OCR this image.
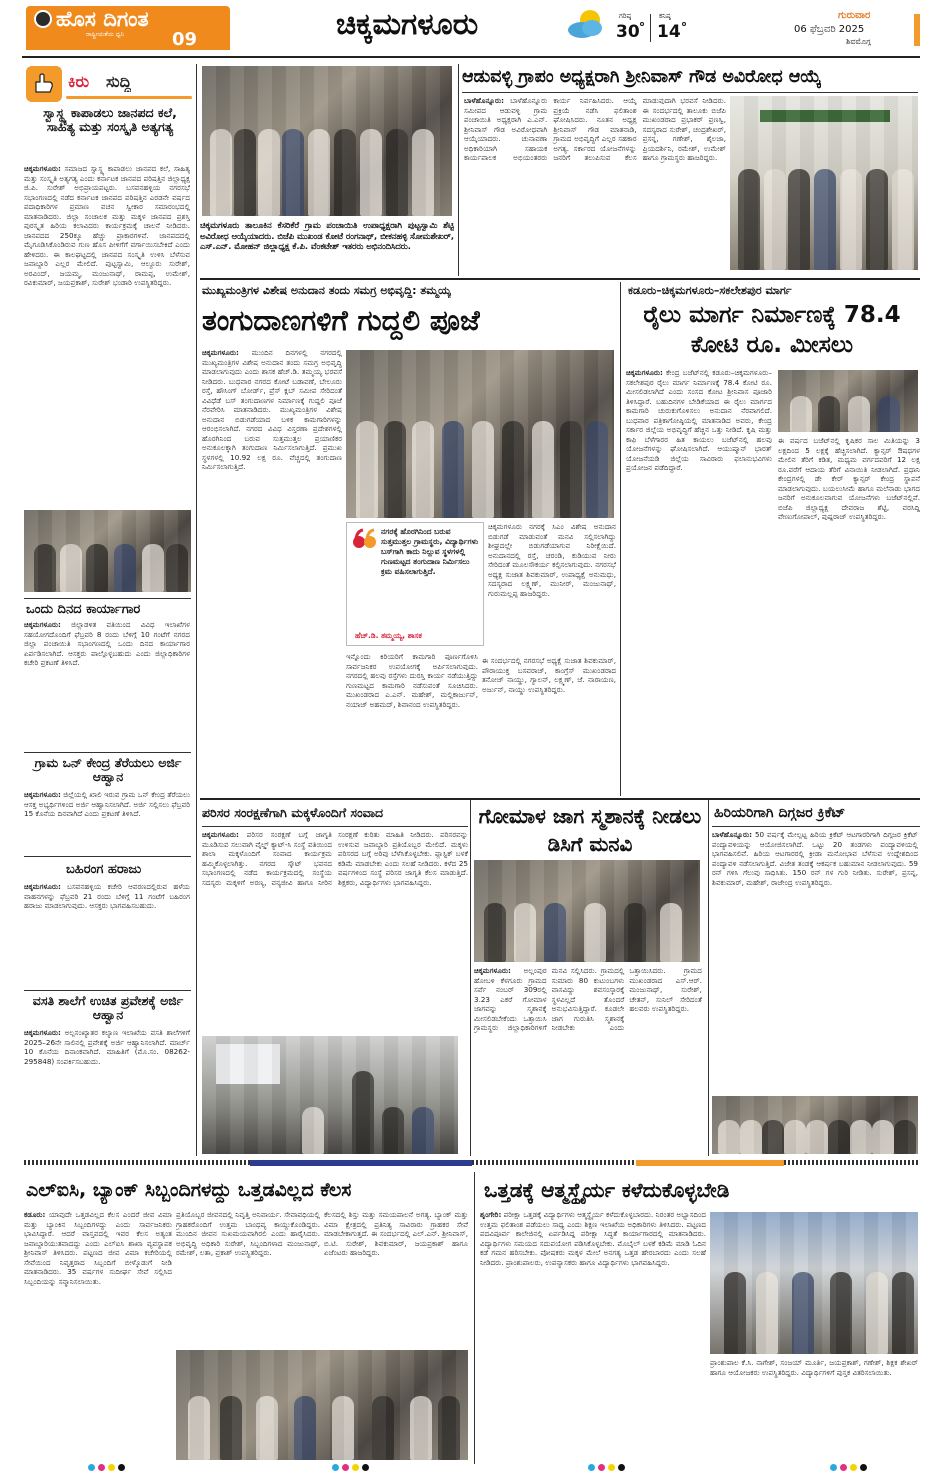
ಹೊಸ ದಿಗಂತ
ರಾಷ್ಟ್ರೀಯತೆಯ ಧ್ವನಿ	09	ಚಿಕ್ಕಮಗಳೂರು	ಗರಿಷ್ಠ
30
ಕನಿಷ್ಠ
14
ಗುರುವಾರ
06 ಫೆಬ್ರವರಿ 2025
ಶಿವಮೊಗ್ಗ
ಕಿರು ಸುದ್ದಿ
ಸ್ವಾಸ್ಥ್ಯ ಕಾಪಾಡಲು ಜಾನಪದ ಕಲೆ, ಸಾಹಿತ್ಯ ಮತ್ತು ಸಂಸ್ಕೃತಿ ಅತ್ಯಗತ್ಯ
ಚಿಕ್ಕಮಗಳೂರು: ಸಮಾಜದ ಸ್ವಾಸ್ಥ್ಯ ಕಾಪಾಡಲು ಜಾನಪದ ಕಲೆ, ಸಾಹಿತ್ಯ ಮತ್ತು ಸಂಸ್ಕೃತಿ ಅತ್ಯಗತ್ಯ ಎಂದು ಕರ್ನಾಟಕ ಜಾನಪದ ಪರಿಷತ್ತಿನ ಜಿಲ್ಲಾಧ್ಯಕ್ಷ ಜಿ.ಪಿ. ಸುರೇಶ್ ಅಭಿಪ್ರಾಯಪಟ್ಟರು. ಬಸವನಹಳ್ಳಿಯ ನಗರಸಭೆ ಸಭಾಂಗಣದಲ್ಲಿ ನಡೆದ ಕರ್ನಾಟಕ ಜಾನಪದ ಪರಿಷತ್ತಿನ ಎರಡನೇ ವರ್ಷದ ಪದಾಧಿಕಾರಿಗಳ ಪ್ರಮಾಣ ವಚನ ಸ್ವೀಕಾರ ಸಮಾರಂಭದಲ್ಲಿ ಮಾತನಾಡಿದರು. ಜಿಲ್ಲಾ ಸಂಚಾಲಕ ಮತ್ತು ಮಕ್ಕಳ ಜಾನಪದ ಪ್ರಶಸ್ತಿ ಪುರಸ್ಕೃತ ಹಿರಿಯ ಕಲಾವಿದರು ಕಾರ್ಯಕ್ರಮಕ್ಕೆ ಚಾಲನೆ ನೀಡಿದರು. ಜಾನಪದದ 250ಕ್ಕೂ ಹೆಚ್ಚು ಪ್ರಾಕಾರಗಳಿವೆ. ಜಾನಪದದಲ್ಲಿ ಮೈಗೂಡಿಸಿಕೊಂಡಿರುವ ಗುಣ ಹೊಸ ಪೀಳಿಗೆಗೆ ವರ್ಗಾಯಿಸಬೇಕಿದೆ ಎಂದು ಹೇಳಿದರು. ಈ ಕಾಲಘಟ್ಟದಲ್ಲಿ ಜಾನಪದ ಸಂಸ್ಕೃತಿ ಉಳಿಸಿ ಬೆಳೆಸುವ ಜವಾಬ್ದಾರಿ ಎಲ್ಲರ ಮೇಲಿದೆ. ಪುಟ್ಟಸ್ವಾಮಿ, ಆಲ್ದೂರು ಸುರೇಶ್, ಅರವಿಂದ್, ಜಯಮ್ಮ, ಮಂಜುನಾಥ್, ರಾಮಪ್ಪ, ಉಮೇಶ್, ರವಿಕುಮಾರ್, ಜಯಪ್ರಕಾಶ್, ಸುರೇಶ್ ಭಂಡಾರಿ ಉಪಸ್ಥಿತರಿದ್ದರು.
ಒಂದು ದಿನದ ಕಾರ್ಯಾಗಾರ
ಚಿಕ್ಕಮಗಳೂರು: ಜಿಲ್ಲಾಡಳಿತ ವತಿಯಿಂದ ವಿವಿಧ ಇಲಾಖೆಗಳ ಸಹಯೋಗದೊಂದಿಗೆ ಫೆಬ್ರವರಿ 8 ರಂದು ಬೆಳಿಗ್ಗೆ 10 ಗಂಟೆಗೆ ನಗರದ ಜಿಲ್ಲಾ ಪಂಚಾಯಿತಿ ಸಭಾಂಗಣದಲ್ಲಿ ಒಂದು ದಿನದ ಕಾರ್ಯಾಗಾರ ಏರ್ಪಡಿಸಲಾಗಿದೆ. ಆಸಕ್ತರು ಪಾಲ್ಗೊಳ್ಳಬಹುದು ಎಂದು ಜಿಲ್ಲಾಧಿಕಾರಿಗಳ ಕಚೇರಿ ಪ್ರಕಟಣೆ ತಿಳಿಸಿದೆ.
ಗ್ರಾಮ ಒನ್ ಕೇಂದ್ರ ತೆರೆಯಲು ಅರ್ಜಿ ಆಹ್ವಾನ
ಚಿಕ್ಕಮಗಳೂರು: ಜಿಲ್ಲೆಯಲ್ಲಿ ಖಾಲಿ ಇರುವ ಗ್ರಾಮ ಒನ್ ಕೇಂದ್ರ ತೆರೆಯಲು ಆಸಕ್ತ ಅಭ್ಯರ್ಥಿಗಳಿಂದ ಅರ್ಜಿ ಆಹ್ವಾನಿಸಲಾಗಿದೆ. ಅರ್ಜಿ ಸಲ್ಲಿಸಲು ಫೆಬ್ರವರಿ 15 ಕೊನೆಯ ದಿನವಾಗಿದೆ ಎಂದು ಪ್ರಕಟಣೆ ತಿಳಿಸಿದೆ.
ಬಹಿರಂಗ ಹರಾಜು
ಚಿಕ್ಕಮಗಳೂರು: ಬಸವನಹಳ್ಳಿಯ ಕಚೇರಿ ಆವರಣದಲ್ಲಿರುವ ಹಳೆಯ ವಾಹನಗಳನ್ನು ಫೆಬ್ರವರಿ 21 ರಂದು ಬೆಳಿಗ್ಗೆ 11 ಗಂಟೆಗೆ ಬಹಿರಂಗ ಹರಾಜು ಮಾಡಲಾಗುವುದು. ಆಸಕ್ತರು ಭಾಗವಹಿಸಬಹುದು.
ವಸತಿ ಶಾಲೆಗೆ ಉಚಿತ ಪ್ರವೇಶಕ್ಕೆ ಅರ್ಜಿ ಆಹ್ವಾನ
ಚಿಕ್ಕಮಗಳೂರು: ಅಲ್ಪಸಂಖ್ಯಾತರ ಕಲ್ಯಾಣ ಇಲಾಖೆಯ ವಸತಿ ಶಾಲೆಗಳಿಗೆ 2025–26ನೇ ಸಾಲಿನಲ್ಲಿ ಪ್ರವೇಶಕ್ಕೆ ಅರ್ಜಿ ಆಹ್ವಾನಿಸಲಾಗಿದೆ. ಮಾರ್ಚ್ 10 ಕೊನೆಯ ದಿನಾಂಕವಾಗಿದೆ. ಮಾಹಿತಿಗೆ (ಮೊ.ಸಂ. 08262-295848) ಸಂಪರ್ಕಿಸಬಹುದು.
ಚಿಕ್ಕಮಗಳೂರು ತಾಲೂಕಿನ ಕೆಸರಿಕೆರೆ ಗ್ರಾಮ ಪಂಚಾಯಿತಿ ಉಪಾಧ್ಯಕ್ಷರಾಗಿ ಪುಟ್ಟಸ್ವಾಮಿ ಶೆಟ್ಟಿ ಅವಿರೋಧ ಆಯ್ಕೆಯಾದರು. ಬಿಜೆಪಿ ಮುಖಂಡ ಕೋಟೆ ರಂಗನಾಥ್, ಬೀಕನಹಳ್ಳಿ ಸೋಮಶೇಖರ್, ಎಸ್.ಎನ್. ಮೋಹನ್ ಜಿಲ್ಲಾಧ್ಯಕ್ಷ ಕೆ.ಪಿ. ವೆಂಕಟೇಶ್ ಇತರರು ಅಭಿನಂದಿಸಿದರು.
ಆಡುವಳ್ಳಿ ಗ್ರಾಪಂ ಅಧ್ಯಕ್ಷರಾಗಿ ಶ್ರೀನಿವಾಸ್ ಗೌಡ ಅವಿರೋಧ ಆಯ್ಕೆ
ಬಾಳೆಹೊನ್ನೂರು: ಬಾಳೆಹೊನ್ನೂರು ಸಮೀಪದ ಆಡುವಳ್ಳಿ ಗ್ರಾಮ ಪಂಚಾಯಿತಿ ಅಧ್ಯಕ್ಷರಾಗಿ ಎ.ಎನ್. ಶ್ರೀನಿವಾಸ್ ಗೌಡ ಅವಿರೋಧವಾಗಿ ಆಯ್ಕೆಯಾದರು. ಚುನಾವಣಾ ಅಧಿಕಾರಿಯಾಗಿ ಸಹಾಯಕ ಕಾರ್ಯಪಾಲಕ ಅಭಿಯಂತರರು ಕಾರ್ಯ ನಿರ್ವಹಿಸಿದರು. ಆಯ್ಕೆ ಪ್ರಕ್ರಿಯೆ ನಡೆಸಿ ಫಲಿತಾಂಶ ಘೋಷಿಸಿದರು. ನೂತನ ಅಧ್ಯಕ್ಷ ಶ್ರೀನಿವಾಸ್ ಗೌಡ ಮಾತನಾಡಿ, ಗ್ರಾಮದ ಅಭಿವೃದ್ಧಿಗೆ ಎಲ್ಲರ ಸಹಕಾರ ಅಗತ್ಯ. ಸರ್ಕಾರದ ಯೋಜನೆಗಳನ್ನು ಜನರಿಗೆ ತಲುಪಿಸುವ ಕೆಲಸ ಮಾಡುವುದಾಗಿ ಭರವಸೆ ನೀಡಿದರು. ಈ ಸಂದರ್ಭದಲ್ಲಿ ತಾಲೂಕು ಬಿಜೆಪಿ ಮುಖಂಡರಾದ ಪ್ರಭಾಕರ್ ಪ್ರಣಸ್ವಿ, ಸದಸ್ಯರಾದ ಸುರೇಶ್, ಚಂದ್ರಶೇಖರ್, ಪ್ರಸನ್ನ, ಗಣೇಶ್, ಶೈಲಜಾ, ಪ್ರಿಯದರ್ಶಿನಿ, ರಮೇಶ್, ಉಮೇಶ್ ಹಾಗೂ ಗ್ರಾಮಸ್ಥರು ಹಾಜರಿದ್ದರು.
ಮುಖ್ಯಮಂತ್ರಿಗಳ ವಿಶೇಷ ಅನುದಾನ ತಂದು ಸಮಗ್ರ ಅಭಿವೃದ್ಧಿ: ತಮ್ಮಯ್ಯ
ತಂಗುದಾಣಗಳಿಗೆ ಗುದ್ದಲಿ ಪೂಜೆ
ಚಿಕ್ಕಮಗಳೂರು: ಮುಂದಿನ ದಿನಗಳಲ್ಲಿ ನಗರದಲ್ಲಿ ಮುಖ್ಯಮಂತ್ರಿಗಳ ವಿಶೇಷ ಅನುದಾನ ತಂದು ಸಮಗ್ರ ಅಭಿವೃದ್ಧಿ ಮಾಡಲಾಗುವುದು ಎಂದು ಶಾಸಕ ಹೆಚ್.ಡಿ. ತಮ್ಮಯ್ಯ ಭರವಸೆ ನೀಡಿದರು. ಬುಧವಾರ ನಗರದ ಕೋಟೆ ಬಡಾವಣೆ, ಬೇಲೂರು ರಸ್ತೆ, ಹೌಸಿಂಗ್ ಬೋರ್ಡ್, ಪ್ರೆಸ್ ಕ್ಲಬ್ ಸಮೀಪ ಸೇರಿದಂತೆ ವಿವಿಧೆಡೆ ಬಸ್ ತಂಗುದಾಣಗಳ ನಿರ್ಮಾಣಕ್ಕೆ ಗುದ್ದಲಿ ಪೂಜೆ ನೆರವೇರಿಸಿ ಮಾತನಾಡಿದರು. ಮುಖ್ಯಮಂತ್ರಿಗಳ ವಿಶೇಷ ಅನುದಾನ ಬಿಡುಗಡೆಯಾದ ಬಳಿಕ ಕಾಮಗಾರಿಗಳನ್ನು ಆರಂಭಿಸಲಾಗಿದೆ. ನಗರದ ವಿವಿಧ ವಿಸ್ತರಣಾ ಪ್ರದೇಶಗಳಲ್ಲಿ ಹೊರಗಿನಿಂದ ಬರುವ ಸುತ್ತಮುತ್ತಲ ಪ್ರಯಾಣಿಕರ ಅನುಕೂಲಕ್ಕಾಗಿ ತಂಗುದಾಣ ನಿರ್ಮಿಸಲಾಗುತ್ತಿದೆ. ಪ್ರಮುಖ ಸ್ಥಳಗಳಲ್ಲಿ 10.92 ಲಕ್ಷ ರೂ. ವೆಚ್ಚದಲ್ಲಿ ತಂಗುದಾಣ ನಿರ್ಮಿಸಲಾಗುತ್ತಿದೆ.
ನಗರಕ್ಕೆ ಹೊರಗಿನಿಂದ ಬರುವ ಸುತ್ತಮುತ್ತಲ ಗ್ರಾಮಸ್ಥರು, ವಿದ್ಯಾರ್ಥಿಗಳು ಬಸ್‌ಗಾಗಿ ಕಾದು ನಿಲ್ಲುವ ಸ್ಥಳಗಳಲ್ಲಿ ಗುಣಮಟ್ಟದ ತಂಗುದಾಣ ನಿರ್ಮಿಸಲು ಕ್ರಮ ವಹಿಸಲಾಗುತ್ತಿದೆ.
ಹೆಚ್.ಡಿ. ತಮ್ಮಯ್ಯ, ಶಾಸಕ
ಚಿಕ್ಕಮಗಳೂರು ನಗರಕ್ಕೆ ಸಿಎಂ ವಿಶೇಷ ಅನುದಾನ ಬಿಡುಗಡೆ ಮಾಡುವಂತೆ ಮನವಿ ಸಲ್ಲಿಸಲಾಗಿದ್ದು ಶೀಘ್ರದಲ್ಲೇ ಬಿಡುಗಡೆಯಾಗುವ ನಿರೀಕ್ಷೆಯಿದೆ. ಅನುದಾನದಲ್ಲಿ ರಸ್ತೆ, ಚರಂಡಿ, ಕುಡಿಯುವ ನೀರು ಸೇರಿದಂತೆ ಮೂಲಸೌಕರ್ಯ ಕಲ್ಪಿಸಲಾಗುವುದು. ನಗರಸಭೆ ಅಧ್ಯಕ್ಷ ಸುಜಾತ ಶಿವಕುಮಾರ್, ಉಪಾಧ್ಯಕ್ಷೆ ಅನುಮಧು, ಸದಸ್ಯರಾದ ಲಕ್ಷ್ಮಣ್, ಮುನೀರ್, ಮಂಜುನಾಥ್, ಗುರುಮಲ್ಲಪ್ಪ ಹಾಜರಿದ್ದರು.
ಇನ್ನೊಂದು ಕಿರಿಯರಿಗೆ ಕಾಮಗಾರಿ ಪೂರ್ಣಗೊಳಿಸಿ ಸಾರ್ವಜನಿಕರ ಉಪಯೋಗಕ್ಕೆ ಅರ್ಪಿಸಲಾಗುವುದು. ನಗರದಲ್ಲಿ ಹಲವು ರಸ್ತೆಗಳು ದುರಸ್ತಿ ಕಾರ್ಯ ನಡೆಯುತ್ತಿದ್ದು ಗುಣಮಟ್ಟದ ಕಾಮಗಾರಿ ನಡೆಸುವಂತೆ ಸೂಚಿಸಿದರು. ಮುಖಂಡರಾದ ಎ.ಎನ್. ಮಹೇಶ್, ಮಲ್ಲಿಕಾರ್ಜುನ್, ನಯಾಜ್ ಅಹಮದ್, ಶಿವಾನಂದ ಉಪಸ್ಥಿತರಿದ್ದರು.
ಈ ಸಂದರ್ಭದಲ್ಲಿ ನಗರಸಭೆ ಅಧ್ಯಕ್ಷೆ ಸುಜಾತ ಶಿವಕುಮಾರ್, ಪೌರಾಯುಕ್ತ ಬಸವರಾಜ್, ಕಾಂಗ್ರೆಸ್ ಮುಖಂಡರಾದ ತನೋಜ್ ನಾಯ್ಡು, ಗ್ಯಾಲನ್, ಲಕ್ಷ್ಮಣ್, ಜೆ. ನಾರಾಯಣ, ಅರ್ಜುನ್, ನಾಯ್ಡು ಉಪಸ್ಥಿತರಿದ್ದರು.
ಕಡೂರು–ಚಿಕ್ಕಮಗಳೂರು–ಸಕಲೇಶಪುರ ಮಾರ್ಗ
ರೈಲು ಮಾರ್ಗ ನಿರ್ಮಾಣಕ್ಕೆ 78.4 ಕೋಟಿ ರೂ. ಮೀಸಲು
ಚಿಕ್ಕಮಗಳೂರು: ಕೇಂದ್ರ ಬಜೆಟ್‌ನಲ್ಲಿ ಕಡೂರು–ಚಿಕ್ಕಮಗಳೂರು–ಸಕಲೇಶಪುರ ರೈಲು ಮಾರ್ಗ ನಿರ್ಮಾಣಕ್ಕೆ 78.4 ಕೋಟಿ ರೂ. ಮೀಸಲಿಡಲಾಗಿದೆ ಎಂದು ಸಂಸದ ಕೋಟ ಶ್ರೀನಿವಾಸ ಪೂಜಾರಿ ತಿಳಿಸಿದ್ದಾರೆ. ಬಹುದಿನಗಳ ಬೇಡಿಕೆಯಾದ ಈ ರೈಲು ಮಾರ್ಗದ ಕಾಮಗಾರಿ ಚುರುಕುಗೊಳಿಸಲು ಅನುದಾನ ನೆರವಾಗಲಿದೆ. ಬುಧವಾರ ಪತ್ರಿಕಾಗೋಷ್ಠಿಯಲ್ಲಿ ಮಾತನಾಡಿದ ಅವರು, ಕೇಂದ್ರ ಸರ್ಕಾರ ಜಿಲ್ಲೆಯ ಅಭಿವೃದ್ಧಿಗೆ ಹೆಚ್ಚಿನ ಒತ್ತು ನೀಡಿದೆ. ಕೃಷಿ ಮತ್ತು ಕಾಫಿ ಬೆಳೆಗಾರರ ಹಿತ ಕಾಯಲು ಬಜೆಟ್‌ನಲ್ಲಿ ಹಲವು ಯೋಜನೆಗಳನ್ನು ಘೋಷಿಸಲಾಗಿದೆ. ಆಯುಷ್ಮಾನ್ ಭಾರತ್ ಯೋಜನೆಯಡಿ ಜಿಲ್ಲೆಯ ಸಾವಿರಾರು ಫಲಾನುಭವಿಗಳು ಪ್ರಯೋಜನ ಪಡೆದಿದ್ದಾರೆ.
ಈ ವರ್ಷದ ಬಜೆಟ್‌ನಲ್ಲಿ ಕೃಷಿಕರ ಸಾಲ ಮಿತಿಯನ್ನು 3 ಲಕ್ಷದಿಂದ 5 ಲಕ್ಷಕ್ಕೆ ಹೆಚ್ಚಿಸಲಾಗಿದೆ. ಕ್ಯಾನ್ಸರ್ ಔಷಧಗಳ ಮೇಲಿನ ತೆರಿಗೆ ಕಡಿತ, ಮಧ್ಯಮ ವರ್ಗದವರಿಗೆ 12 ಲಕ್ಷ ರೂ.ವರೆಗೆ ಆದಾಯ ತೆರಿಗೆ ವಿನಾಯಿತಿ ನೀಡಲಾಗಿದೆ. ಪ್ರಧಾನಿ ಕೇಂದ್ರಗಳಲ್ಲಿ ಡೇ ಕೇರ್ ಕ್ಯಾನ್ಸರ್ ಕೇಂದ್ರ ಸ್ಥಾಪನೆ ಮಾಡಲಾಗುವುದು. ಬಯಲುಸೀಮೆ ಹಾಗೂ ಮಲೆನಾಡು ಭಾಗದ ಜನರಿಗೆ ಅನುಕೂಲವಾಗುವ ಯೋಜನೆಗಳು ಬಜೆಟ್‌ನಲ್ಲಿವೆ. ಬಿಜೆಪಿ ಜಿಲ್ಲಾಧ್ಯಕ್ಷ ದೇವರಾಜ ಶೆಟ್ಟಿ, ವರಸಿದ್ದಿ ವೇಣುಗೋಪಾಲ್, ಪುಷ್ಪರಾಜ್ ಉಪಸ್ಥಿತರಿದ್ದರು.
ಪರಿಸರ ಸಂರಕ್ಷಣೆಗಾಗಿ ಮಕ್ಕಳೊಂದಿಗೆ ಸಂವಾದ
ಚಿಕ್ಕಮಗಳೂರು: ಪರಿಸರ ಸಂರಕ್ಷಣೆ ಬಗ್ಗೆ ಜಾಗೃತಿ ಮೂಡಿಸುವ ಸಲುವಾಗಿ ವೈಲ್ಡ್ ಕ್ಯಾಟ್-ಸಿ ಸಂಸ್ಥೆ ವತಿಯಿಂದ ಶಾಲಾ ಮಕ್ಕಳೊಂದಿಗೆ ಸಂವಾದ ಕಾರ್ಯಕ್ರಮ ಹಮ್ಮಿಕೊಳ್ಳಲಾಗಿತ್ತು. ನಗರದ ಸ್ಕೌಟ್ ಭವನದ ಸಭಾಂಗಣದಲ್ಲಿ ನಡೆದ ಕಾರ್ಯಕ್ರಮದಲ್ಲಿ ಸಂಸ್ಥೆಯ ಸದಸ್ಯರು ಮಕ್ಕಳಿಗೆ ಅರಣ್ಯ, ವನ್ಯಜೀವಿ ಹಾಗೂ ನೀರಿನ ಸಂರಕ್ಷಣೆ ಕುರಿತು ಮಾಹಿತಿ ನೀಡಿದರು. ಪರಿಸರವನ್ನು ಉಳಿಸುವ ಜವಾಬ್ದಾರಿ ಪ್ರತಿಯೊಬ್ಬರ ಮೇಲಿದೆ. ಮಕ್ಕಳು ಪರಿಸರದ ಬಗ್ಗೆ ಅರಿವು ಬೆಳೆಸಿಕೊಳ್ಳಬೇಕು. ಪ್ಲಾಸ್ಟಿಕ್ ಬಳಕೆ ಕಡಿಮೆ ಮಾಡಬೇಕು ಎಂದು ಸಲಹೆ ನೀಡಿದರು. ಕಳೆದ 25 ವರ್ಷಗಳಿಂದ ಸಂಸ್ಥೆ ಪರಿಸರ ಜಾಗೃತಿ ಕೆಲಸ ಮಾಡುತ್ತಿದೆ. ಶಿಕ್ಷಕರು, ವಿದ್ಯಾರ್ಥಿಗಳು ಭಾಗವಹಿಸಿದ್ದರು.
ಗೋಮಾಳ ಜಾಗ ಸ್ಮಶಾನಕ್ಕೆ ನೀಡಲು ಡಿಸಿಗೆ ಮನವಿ
ಚಿಕ್ಕಮಗಳೂರು: ಅಲ್ಲಂಪುರ ಹೋಬಳಿ ಕೆಳಗೂರು ಗ್ರಾಮದ ಸರ್ವೆ ನಂಬರ್ 309ರಲ್ಲಿ 3.23 ಎಕರೆ ಗೋಮಾಳ ಜಾಗವನ್ನು ಸ್ಮಶಾನಕ್ಕೆ ಮೀಸಲಿಡಬೇಕೆಂದು ಒತ್ತಾಯಿಸಿ ಗ್ರಾಮಸ್ಥರು ಜಿಲ್ಲಾಧಿಕಾರಿಗಳಿಗೆ ಮನವಿ ಸಲ್ಲಿಸಿದರು. ಗ್ರಾಮದಲ್ಲಿ ಸುಮಾರು 80 ಕುಟುಂಬಗಳು ವಾಸವಿದ್ದು ಶವಸಂಸ್ಕಾರಕ್ಕೆ ಸ್ಥಳವಿಲ್ಲದೆ ತೊಂದರೆ ಅನುಭವಿಸುತ್ತಿದ್ದಾರೆ. ಕೂಡಲೇ ಜಾಗ ಗುರುತಿಸಿ ಸ್ಮಶಾನಕ್ಕೆ ನೀಡಬೇಕು ಎಂದು ಒತ್ತಾಯಿಸಿದರು. ಗ್ರಾಮದ ಮುಖಂಡರಾದ ಎಸ್.ಆರ್. ಮಂಜುನಾಥ್, ಸುರೇಶ್, ಚೇತನ್, ಸುನಿಲ್ ಸೇರಿದಂತೆ ಹಲವರು ಉಪಸ್ಥಿತರಿದ್ದರು.
ಹಿರಿಯರಿಗಾಗಿ ದಿಗ್ಗಜರ ಕ್ರಿಕೆಟ್
ಬಾಳೆಹೊನ್ನೂರು: 50 ವರ್ಷಕ್ಕೆ ಮೇಲ್ಪಟ್ಟ ಹಿರಿಯ ಕ್ರಿಕೆಟ್ ಆಟಗಾರರಿಗಾಗಿ ದಿಗ್ಗಜರ ಕ್ರಿಕೆಟ್ ಪಂದ್ಯಾವಳಿಯನ್ನು ಆಯೋಜಿಸಲಾಗಿದೆ. ಒಟ್ಟು 20 ತಂಡಗಳು ಪಂದ್ಯಾವಳಿಯಲ್ಲಿ ಭಾಗವಹಿಸಲಿವೆ. ಹಿರಿಯ ಆಟಗಾರರಲ್ಲಿ ಕ್ರೀಡಾ ಮನೋಭಾವ ಬೆಳೆಸುವ ಉದ್ದೇಶದಿಂದ ಪಂದ್ಯಾವಳಿ ನಡೆಸಲಾಗುತ್ತಿದೆ. ವಿಜೇತ ತಂಡಕ್ಕೆ ಆಕರ್ಷಕ ಬಹುಮಾನ ನೀಡಲಾಗುವುದು. 59 ರನ್ ಗಳಿಸಿ ಗೆಲುವು ಸಾಧಿಸಿತು. 150 ರನ್ ಗಳ ಗುರಿ ನೀಡಿತು. ಸುರೇಶ್, ಪ್ರಸನ್ನ, ಶಿವಕುಮಾರ್, ಮಹೇಶ್, ರಾಜೇಂದ್ರ ಉಪಸ್ಥಿತರಿದ್ದರು.
ಎಲ್‌ಐಸಿ, ಬ್ಯಾಂಕ್ ಸಿಬ್ಬಂದಿಗಳದ್ದು ಒತ್ತಡವಿಲ್ಲದ ಕೆಲಸ
ಕಡೂರು: ಯಾವುದೇ ಒತ್ತಡವಿಲ್ಲದ ಕೆಲಸ ಎಂದರೆ ಜೀವ ವಿಮಾ ಮತ್ತು ಬ್ಯಾಂಕಿನ ಸಿಬ್ಬಂದಿಗಳದ್ದು ಎಂದು ಸಾರ್ವಜನಿಕರು ಭಾವಿಸಿದ್ದಾರೆ. ಆದರೆ ವಾಸ್ತವದಲ್ಲಿ ಇವರ ಕೆಲಸ ಅತ್ಯಂತ ಜವಾಬ್ದಾರಿಯುತವಾದದ್ದು ಎಂದು ಎಲ್‌ಐಸಿ ಶಾಖಾ ವ್ಯವಸ್ಥಾಪಕ ಶ್ರೀನಿವಾಸ್ ತಿಳಿಸಿದರು. ಪಟ್ಟಣದ ಜೀವ ವಿಮಾ ಕಚೇರಿಯಲ್ಲಿ ಸೇವೆಯಿಂದ ನಿವೃತ್ತರಾದ ಸಿಬ್ಬಂದಿಗೆ ಬೀಳ್ಕೊಡುಗೆ ನೀಡಿ ಮಾತನಾಡಿದರು. 35 ವರ್ಷಗಳ ಸುದೀರ್ಘ ಸೇವೆ ಸಲ್ಲಿಸಿದ ಸಿಬ್ಬಂದಿಯನ್ನು ಸನ್ಮಾನಿಸಲಾಯಿತು.
ಪ್ರತಿಯೊಬ್ಬರ ಜೀವನದಲ್ಲಿ ನಿವೃತ್ತಿ ಅನಿವಾರ್ಯ. ಸೇವಾವಧಿಯಲ್ಲಿ ಗ್ರಾಹಕರೊಂದಿಗೆ ಉತ್ತಮ ಬಾಂಧವ್ಯ ಕಾಯ್ದುಕೊಂಡಿದ್ದರು. ಮುಂದಿನ ಜೀವನ ಸುಖಮಯವಾಗಿರಲಿ ಎಂದು ಹಾರೈಸಿದರು. ಅಭಿವೃದ್ಧಿ ಅಧಿಕಾರಿ ಸುರೇಶ್, ಸಿಬ್ಬಂದಿಗಳಾದ ಮಂಜುನಾಥ್, ರಮೇಶ್, ಲತಾ, ಪ್ರಕಾಶ್ ಉಪಸ್ಥಿತರಿದ್ದರು.
ಕೆಲಸದಲ್ಲಿ ಶಿಸ್ತು ಮತ್ತು ಸಮಯಪಾಲನೆ ಅಗತ್ಯ. ಬ್ಯಾಂಕ್ ಮತ್ತು ವಿಮಾ ಕ್ಷೇತ್ರದಲ್ಲಿ ಪ್ರತಿನಿತ್ಯ ಸಾವಿರಾರು ಗ್ರಾಹಕರ ಸೇವೆ ಮಾಡಬೇಕಾಗುತ್ತದೆ. ಈ ಸಂದರ್ಭದಲ್ಲಿ ಎಲ್.ಎನ್. ಶ್ರೀನಿವಾಸ್, ಬಿ.ಟಿ. ಸುರೇಶ್, ಶಿವಕುಮಾರ್, ಜಯಪ್ರಕಾಶ್ ಹಾಗೂ ಏಜೆಂಟರು ಹಾಜರಿದ್ದರು.
ಒತ್ತಡಕ್ಕೆ ಆತ್ಮಸ್ಥೈರ್ಯ ಕಳೆದುಕೊಳ್ಳಬೇಡಿ
ಶೃಂಗೇರಿ: ಪರೀಕ್ಷಾ ಒತ್ತಡಕ್ಕೆ ವಿದ್ಯಾರ್ಥಿಗಳು ಆತ್ಮಸ್ಥೈರ್ಯ ಕಳೆದುಕೊಳ್ಳಬಾರದು. ನಿರಂತರ ಅಭ್ಯಾಸದಿಂದ ಉತ್ತಮ ಫಲಿತಾಂಶ ಪಡೆಯಲು ಸಾಧ್ಯ ಎಂದು ಶಿಕ್ಷಣ ಇಲಾಖೆಯ ಅಧಿಕಾರಿಗಳು ತಿಳಿಸಿದರು. ಪಟ್ಟಣದ ಪದವಿಪೂರ್ವ ಕಾಲೇಜಿನಲ್ಲಿ ಏರ್ಪಡಿಸಿದ್ದ ಪರೀಕ್ಷಾ ಸಿದ್ಧತೆ ಕಾರ್ಯಾಗಾರದಲ್ಲಿ ಮಾತನಾಡಿದರು. ವಿದ್ಯಾರ್ಥಿಗಳು ಸಮಯದ ಸದುಪಯೋಗ ಪಡಿಸಿಕೊಳ್ಳಬೇಕು. ಮೊಬೈಲ್ ಬಳಕೆ ಕಡಿಮೆ ಮಾಡಿ ಓದಿನ ಕಡೆ ಗಮನ ಹರಿಸಬೇಕು. ಪೋಷಕರು ಮಕ್ಕಳ ಮೇಲೆ ಅನಗತ್ಯ ಒತ್ತಡ ಹೇರಬಾರದು ಎಂದು ಸಲಹೆ ನೀಡಿದರು. ಪ್ರಾಂಶುಪಾಲರು, ಉಪನ್ಯಾಸಕರು ಹಾಗೂ ವಿದ್ಯಾರ್ಥಿಗಳು ಭಾಗವಹಿಸಿದ್ದರು.
ಪ್ರಾಂಶುಪಾಲ ಕೆ.ಸಿ. ನಾಗೇಶ್, ಸಂಜಯ್ ಮೂರ್ತಿ, ಜಯಪ್ರಕಾಶ್, ಗಣೇಶ್, ಶಿಕ್ಷಕ ಶೇಖರ್ ಹಾಗೂ ಆಯೋಜಕರು ಉಪಸ್ಥಿತರಿದ್ದರು. ವಿದ್ಯಾರ್ಥಿಗಳಿಗೆ ಪುಸ್ತಕ ವಿತರಿಸಲಾಯಿತು.
